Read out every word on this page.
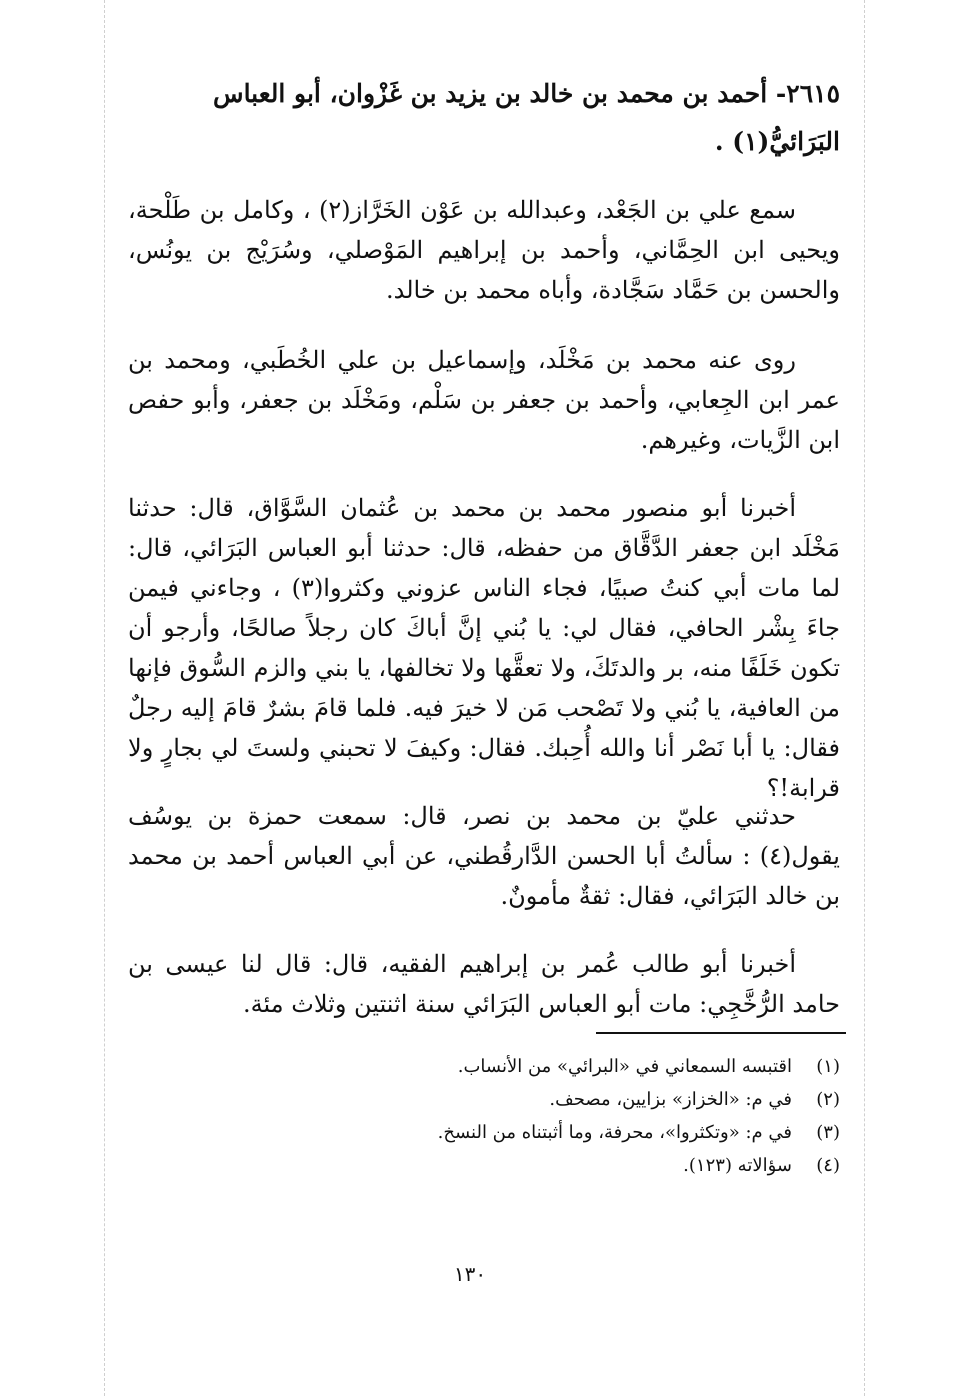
٢٦١٥- أحمد بن محمد بن خالد بن يزيد بن غَزْوان، أبو العباس
البَرَائيُّ(١) .

سمع علي بن الجَعْد، وعبدالله بن عَوْن الخَرَّاز(٢) ، وكامل بن طَلْحة، ويحيى ابن الحِمَّاني، وأحمد بن إبراهيم المَوْصلي، وسُرَيْج بن يونُس، والحسن بن حَمَّاد سَجَّادة، وأباه محمد بن خالد.

روى عنه محمد بن مَخْلَد، وإسماعيل بن علي الخُطَبي، ومحمد بن عمر ابن الجِعابي، وأحمد بن جعفر بن سَلْم، ومَخْلَد بن جعفر، وأبو حفص ابن الزَّيات، وغيرهم.

أخبرنا أبو منصور محمد بن محمد بن عُثمان السَّوَّاق، قال: حدثنا مَخْلَد ابن جعفر الدَّقَّاق من حفظه، قال: حدثنا أبو العباس البَرَائي، قال: لما مات أبي كنتُ صبيًا، فجاء الناس عزوني وكثروا(٣) ، وجاءني فيمن جاءَ بِشْر الحافي، فقال لي: يا بُني إنَّ أباكَ كان رجلاً صالحًا، وأرجو أن تكون خَلَفًا منه، بر والدتَكَ، ولا تعقَّها ولا تخالفها، يا بني والزم السُّوق فإنها من العافية، يا بُني ولا تَصْحب مَن لا خيرَ فيه. فلما قامَ بشرٌ قامَ إليه رجلٌ فقال: يا أبا نَصْر أنا والله أُحِبك. فقال: وكيفَ لا تحبني ولستَ لي بجارٍ ولا قرابة!؟

حدثني عليّ بن محمد بن نصر، قال: سمعت حمزة بن يوسُف يقول(٤) : سألتُ أبا الحسن الدَّارقُطني، عن أبي العباس أحمد بن محمد بن خالد البَرَائي، فقال: ثقةٌ مأمونٌ.

أخبرنا أبو طالب عُمر بن إبراهيم الفقيه، قال: قال لنا عيسى بن حامد الرُّخَّجِي: مات أبو العباس البَرَائي سنة اثنتين وثلاث مئة.

(١)اقتبسه السمعاني في «البرائي» من الأنساب.
(٢)في م: «الخزاز» بزايين، مصحف.
(٣)في م: «وتكثروا»، محرفة، وما أثبتناه من النسخ.
(٤)سؤالاته (١٢٣).
١٣٠
